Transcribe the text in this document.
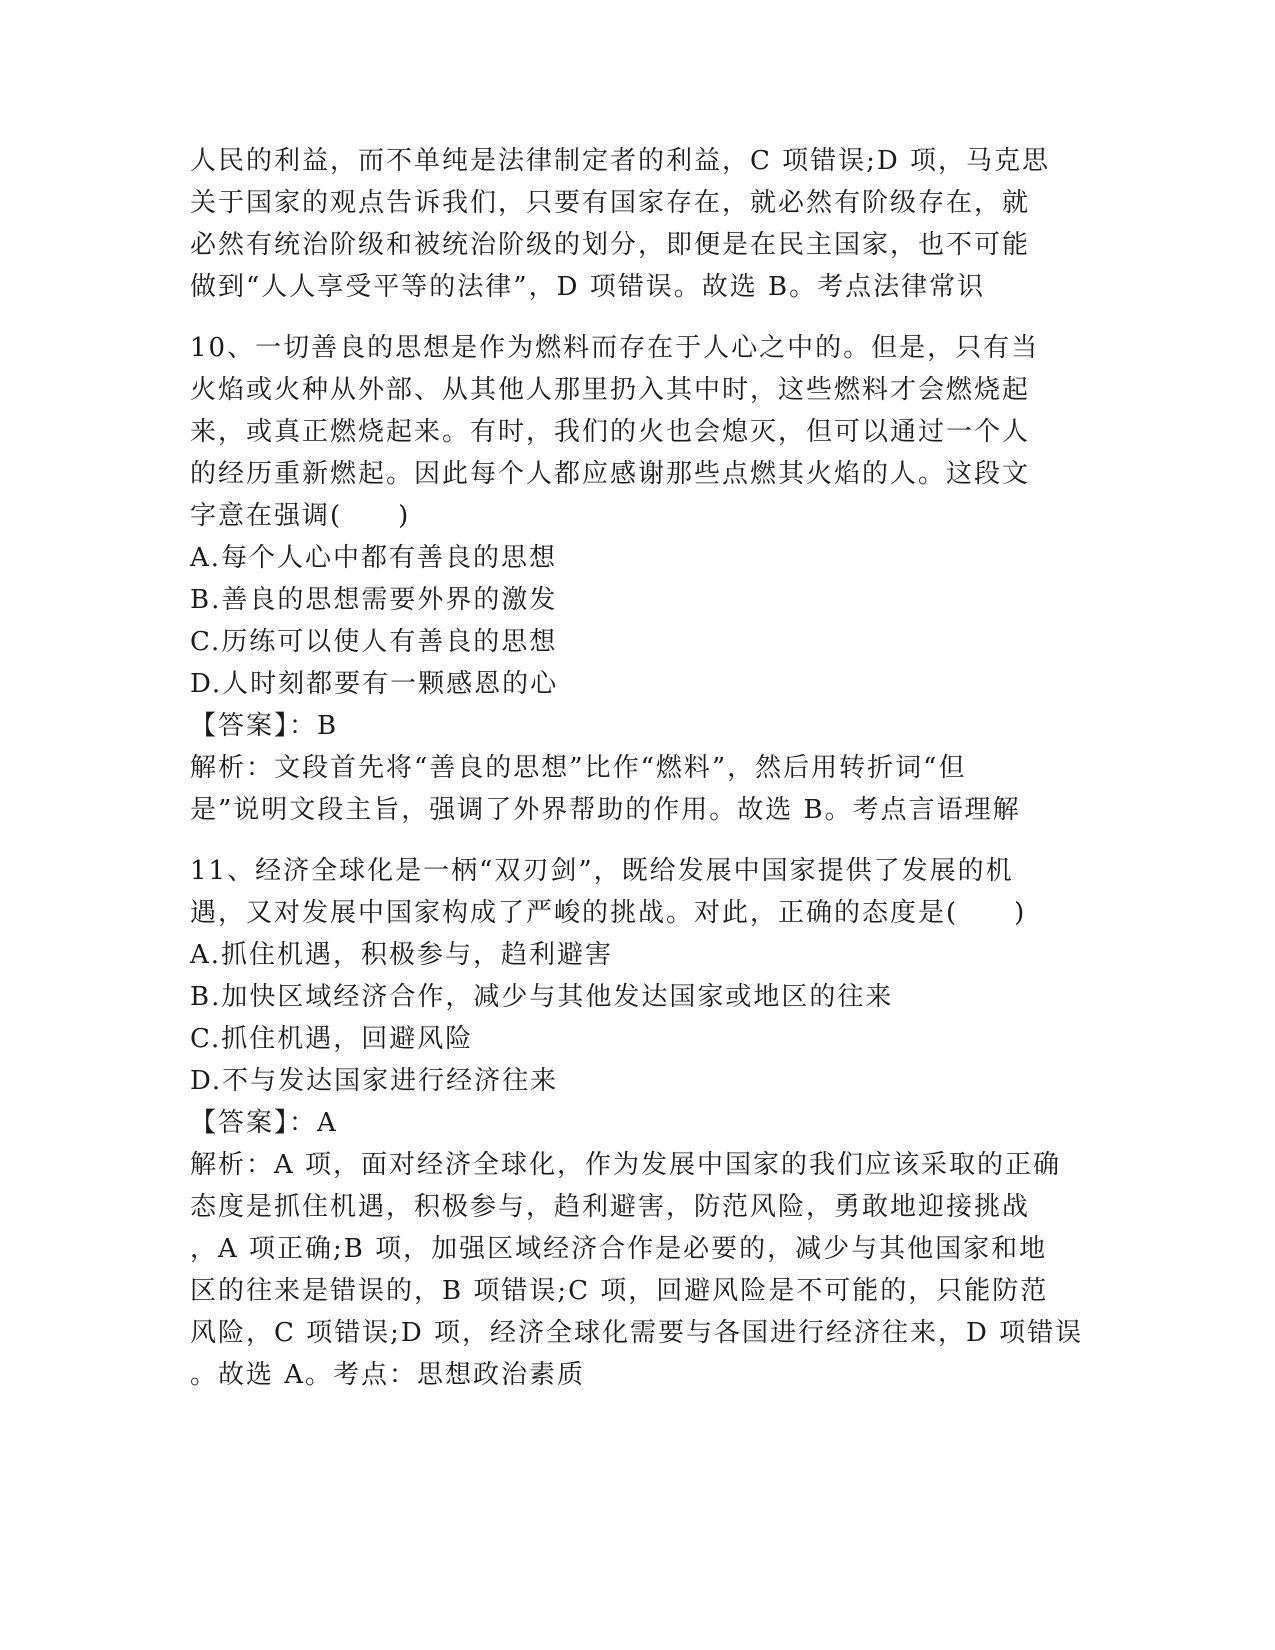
人民的利益，而不单纯是法律制定者的利益，C 项错误;D 项，马克思
关于国家的观点告诉我们，只要有国家存在，就必然有阶级存在，就
必然有统治阶级和被统治阶级的划分，即便是在民主国家，也不可能
做到“人人享受平等的法律”，D 项错误。故选 B。考点法律常识
10、一切善良的思想是作为燃料而存在于人心之中的。但是，只有当
火焰或火种从外部、从其他人那里扔入其中时，这些燃料才会燃烧起
来，或真正燃烧起来。有时，我们的火也会熄灭，但可以通过一个人
的经历重新燃起。因此每个人都应感谢那些点燃其火焰的人。这段文
字意在强调(　　)
A.每个人心中都有善良的思想
B.善良的思想需要外界的激发
C.历练可以使人有善良的思想
D.人时刻都要有一颗感恩的心
【答案】：B
解析：文段首先将“善良的思想”比作“燃料”，然后用转折词“但
是”说明文段主旨，强调了外界帮助的作用。故选 B。考点言语理解
11、经济全球化是一柄“双刃剑”，既给发展中国家提供了发展的机
遇，又对发展中国家构成了严峻的挑战。对此，正确的态度是(　　)
A.抓住机遇，积极参与，趋利避害
B.加快区域经济合作，减少与其他发达国家或地区的往来
C.抓住机遇，回避风险
D.不与发达国家进行经济往来
【答案】：A
解析：A 项，面对经济全球化，作为发展中国家的我们应该采取的正确
态度是抓住机遇，积极参与，趋利避害，防范风险，勇敢地迎接挑战
，A 项正确;B 项，加强区域经济合作是必要的，减少与其他国家和地
区的往来是错误的，B 项错误;C 项，回避风险是不可能的，只能防范
风险，C 项错误;D 项，经济全球化需要与各国进行经济往来，D 项错误
。故选 A。考点：思想政治素质
